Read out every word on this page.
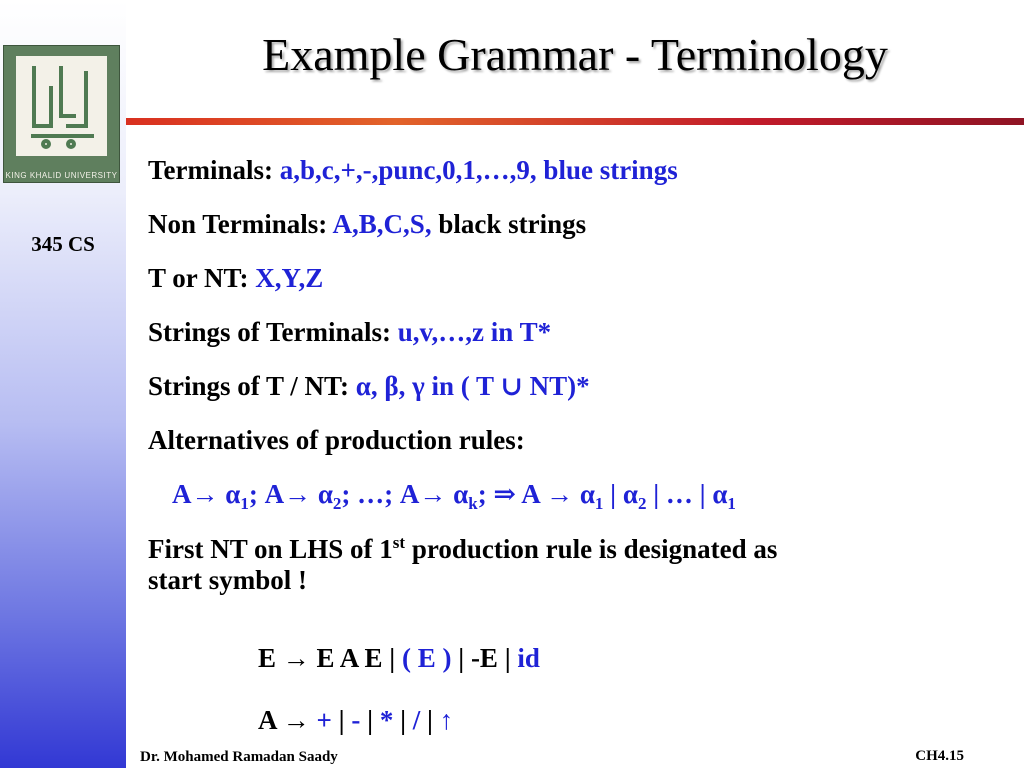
KING KHALID UNIVERSITY
345 CS
Example Grammar - Terminology
Terminals: a,b,c,+,-,punc,0,1,…,9, blue strings
Non Terminals: A,B,C,S, black strings
T or NT: X,Y,Z
Strings of Terminals: u,v,…,z in T*
Strings of T / NT: α, β, γ in ( T ∪ NT)*
Alternatives of production rules:
$A\to \alpha_1$; $A\to \alpha_2$; …; $A\to \alpha_k$; ⇒ $A \to \alpha_1$ | $\alpha_2$ | … | $\alpha_1$
First NT on LHS of 1st production rule is designated as
start symbol !
E → E A E | ( E ) | -E | id
A → + | - | * | / | ↑
Dr. Mohamed Ramadan Saady	CH4.15
